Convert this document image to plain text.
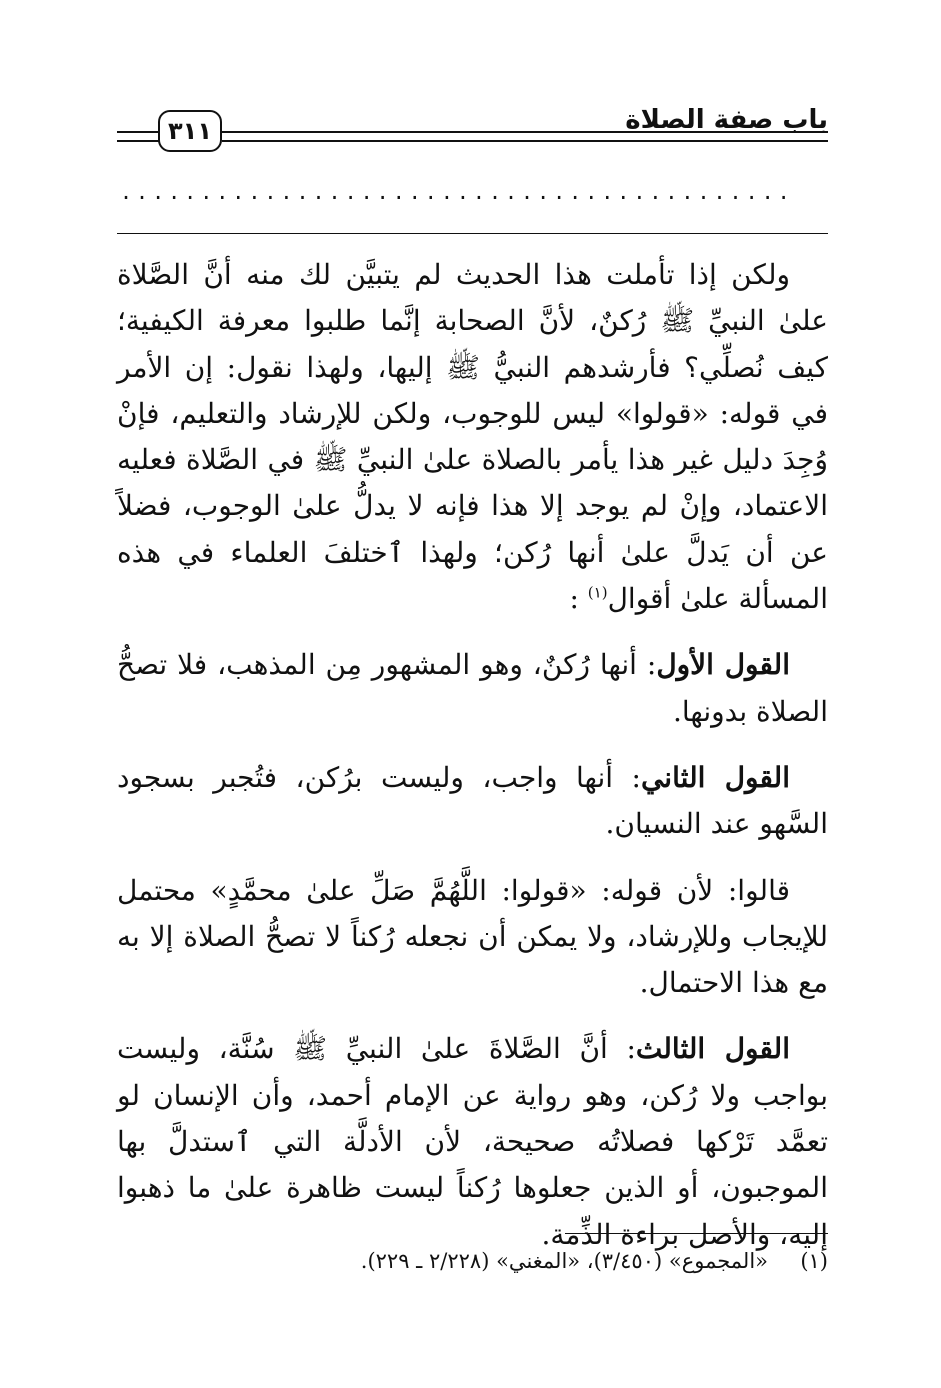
باب صفة الصلاة
٣١١
..........................................

ولكن إذا تأملت هذا الحديث لم يتبيَّن لك منه أنَّ الصَّلاة علىٰ النبيِّ ﷺ رُكنٌ، لأنَّ الصحابة إنَّما طلبوا معرفة الكيفية؛ كيف نُصلِّي؟ فأرشدهم النبيُّ ﷺ إليها، ولهذا نقول: إن الأمر في قوله: «قولوا» ليس للوجوب، ولكن للإرشاد والتعليم، فإنْ وُجِدَ دليل غير هذا يأمر بالصلاة علىٰ النبيِّ ﷺ في الصَّلاة فعليه الاعتماد، وإنْ لم يوجد إلا هذا فإنه لا يدلُّ علىٰ الوجوب، فضلاً عن أن يَدلَّ علىٰ أنها رُكن؛ ولهذا ٱختلفَ العلماء في هذه المسألة علىٰ أقوال$^{(١)}$ :

القول الأول: أنها رُكنٌ، وهو المشهور مِن المذهب، فلا تصحُّ الصلاة بدونها.

القول الثاني: أنها واجب، وليست برُكن، فتُجبر بسجود السَّهو عند النسيان.

قالوا: لأن قوله: «قولوا: اللَّهُمَّ صَلِّ علىٰ محمَّدٍ» محتمل للإيجاب وللإرشاد، ولا يمكن أن نجعله رُكناً لا تصحُّ الصلاة إلا به مع هذا الاحتمال.

القول الثالث: أنَّ الصَّلاةَ علىٰ النبيِّ ﷺ سُنَّة، وليست بواجب ولا رُكن، وهو رواية عن الإمام أحمد، وأن الإنسان لو تعمَّد تَرْكها فصلاتُه صحيحة، لأن الأدلَّة التي ٱستدلَّ بها الموجبون، أو الذين جعلوها رُكناً ليست ظاهرة علىٰ ما ذهبوا إليه، والأصل براءة الذِّمة.

(١)«المجموع» (٣/٤٥٠)، «المغني» (٢/٢٢٨ ـ ٢٢٩).
